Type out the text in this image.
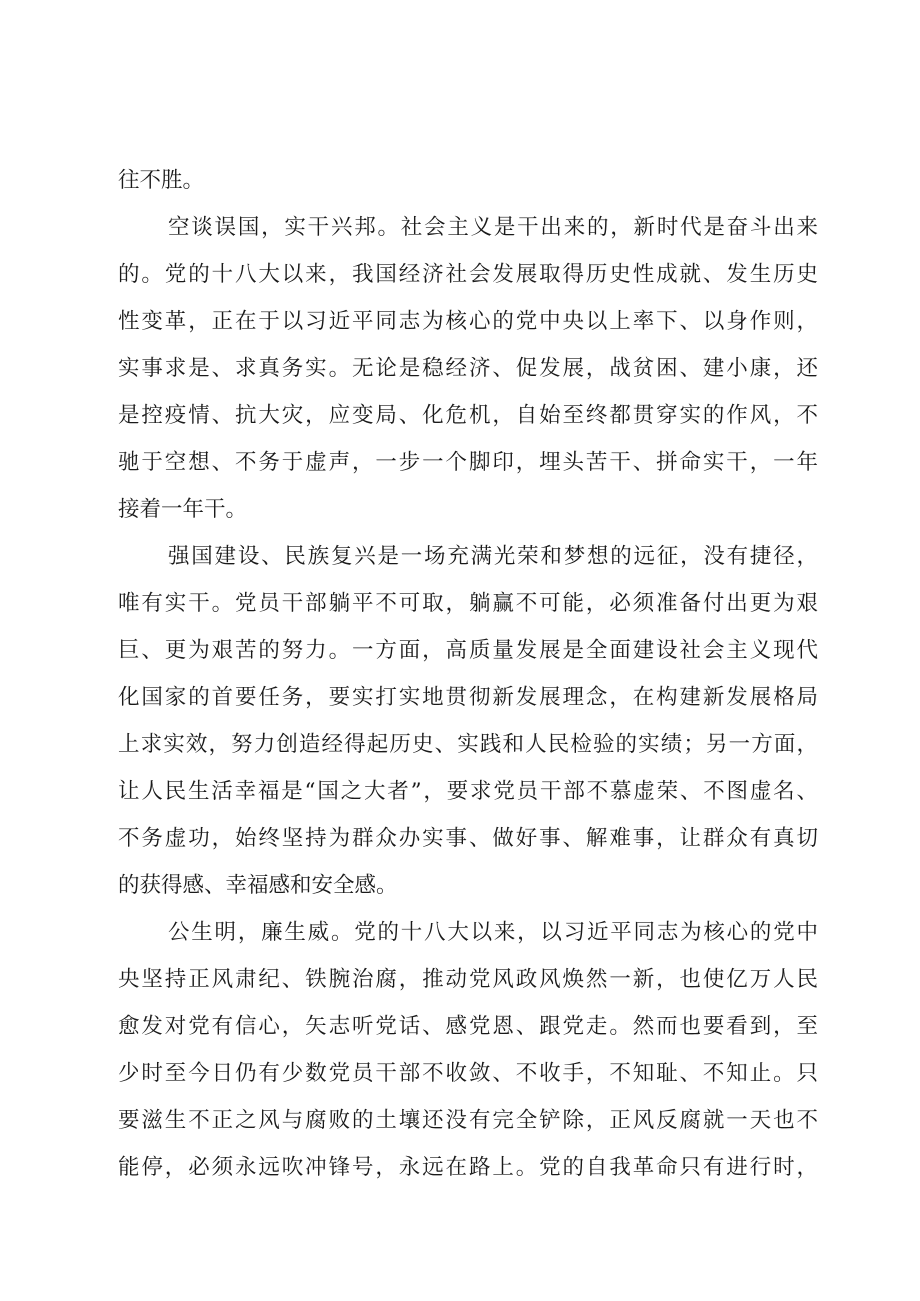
往不胜。
空谈误国，实干兴邦。社会主义是干出来的，新时代是奋斗出来
的。党的十八大以来，我国经济社会发展取得历史性成就、发生历史
性变革，正在于以习近平同志为核心的党中央以上率下、以身作则，
实事求是、求真务实。无论是稳经济、促发展，战贫困、建小康，还
是控疫情、抗大灾，应变局、化危机，自始至终都贯穿实的作风，不
驰于空想、不务于虚声，一步一个脚印，埋头苦干、拼命实干，一年
接着一年干。
强国建设、民族复兴是一场充满光荣和梦想的远征，没有捷径，
唯有实干。党员干部躺平不可取，躺赢不可能，必须准备付出更为艰
巨、更为艰苦的努力。一方面，高质量发展是全面建设社会主义现代
化国家的首要任务，要实打实地贯彻新发展理念，在构建新发展格局
上求实效，努力创造经得起历史、实践和人民检验的实绩；另一方面，
让人民生活幸福是“国之大者”，要求党员干部不慕虚荣、不图虚名、
不务虚功，始终坚持为群众办实事、做好事、解难事，让群众有真切
的获得感、幸福感和安全感。
公生明，廉生威。党的十八大以来，以习近平同志为核心的党中
央坚持正风肃纪、铁腕治腐，推动党风政风焕然一新，也使亿万人民
愈发对党有信心，矢志听党话、感党恩、跟党走。然而也要看到，至
少时至今日仍有少数党员干部不收敛、不收手，不知耻、不知止。只
要滋生不正之风与腐败的土壤还没有完全铲除，正风反腐就一天也不
能停，必须永远吹冲锋号，永远在路上。党的自我革命只有进行时，
